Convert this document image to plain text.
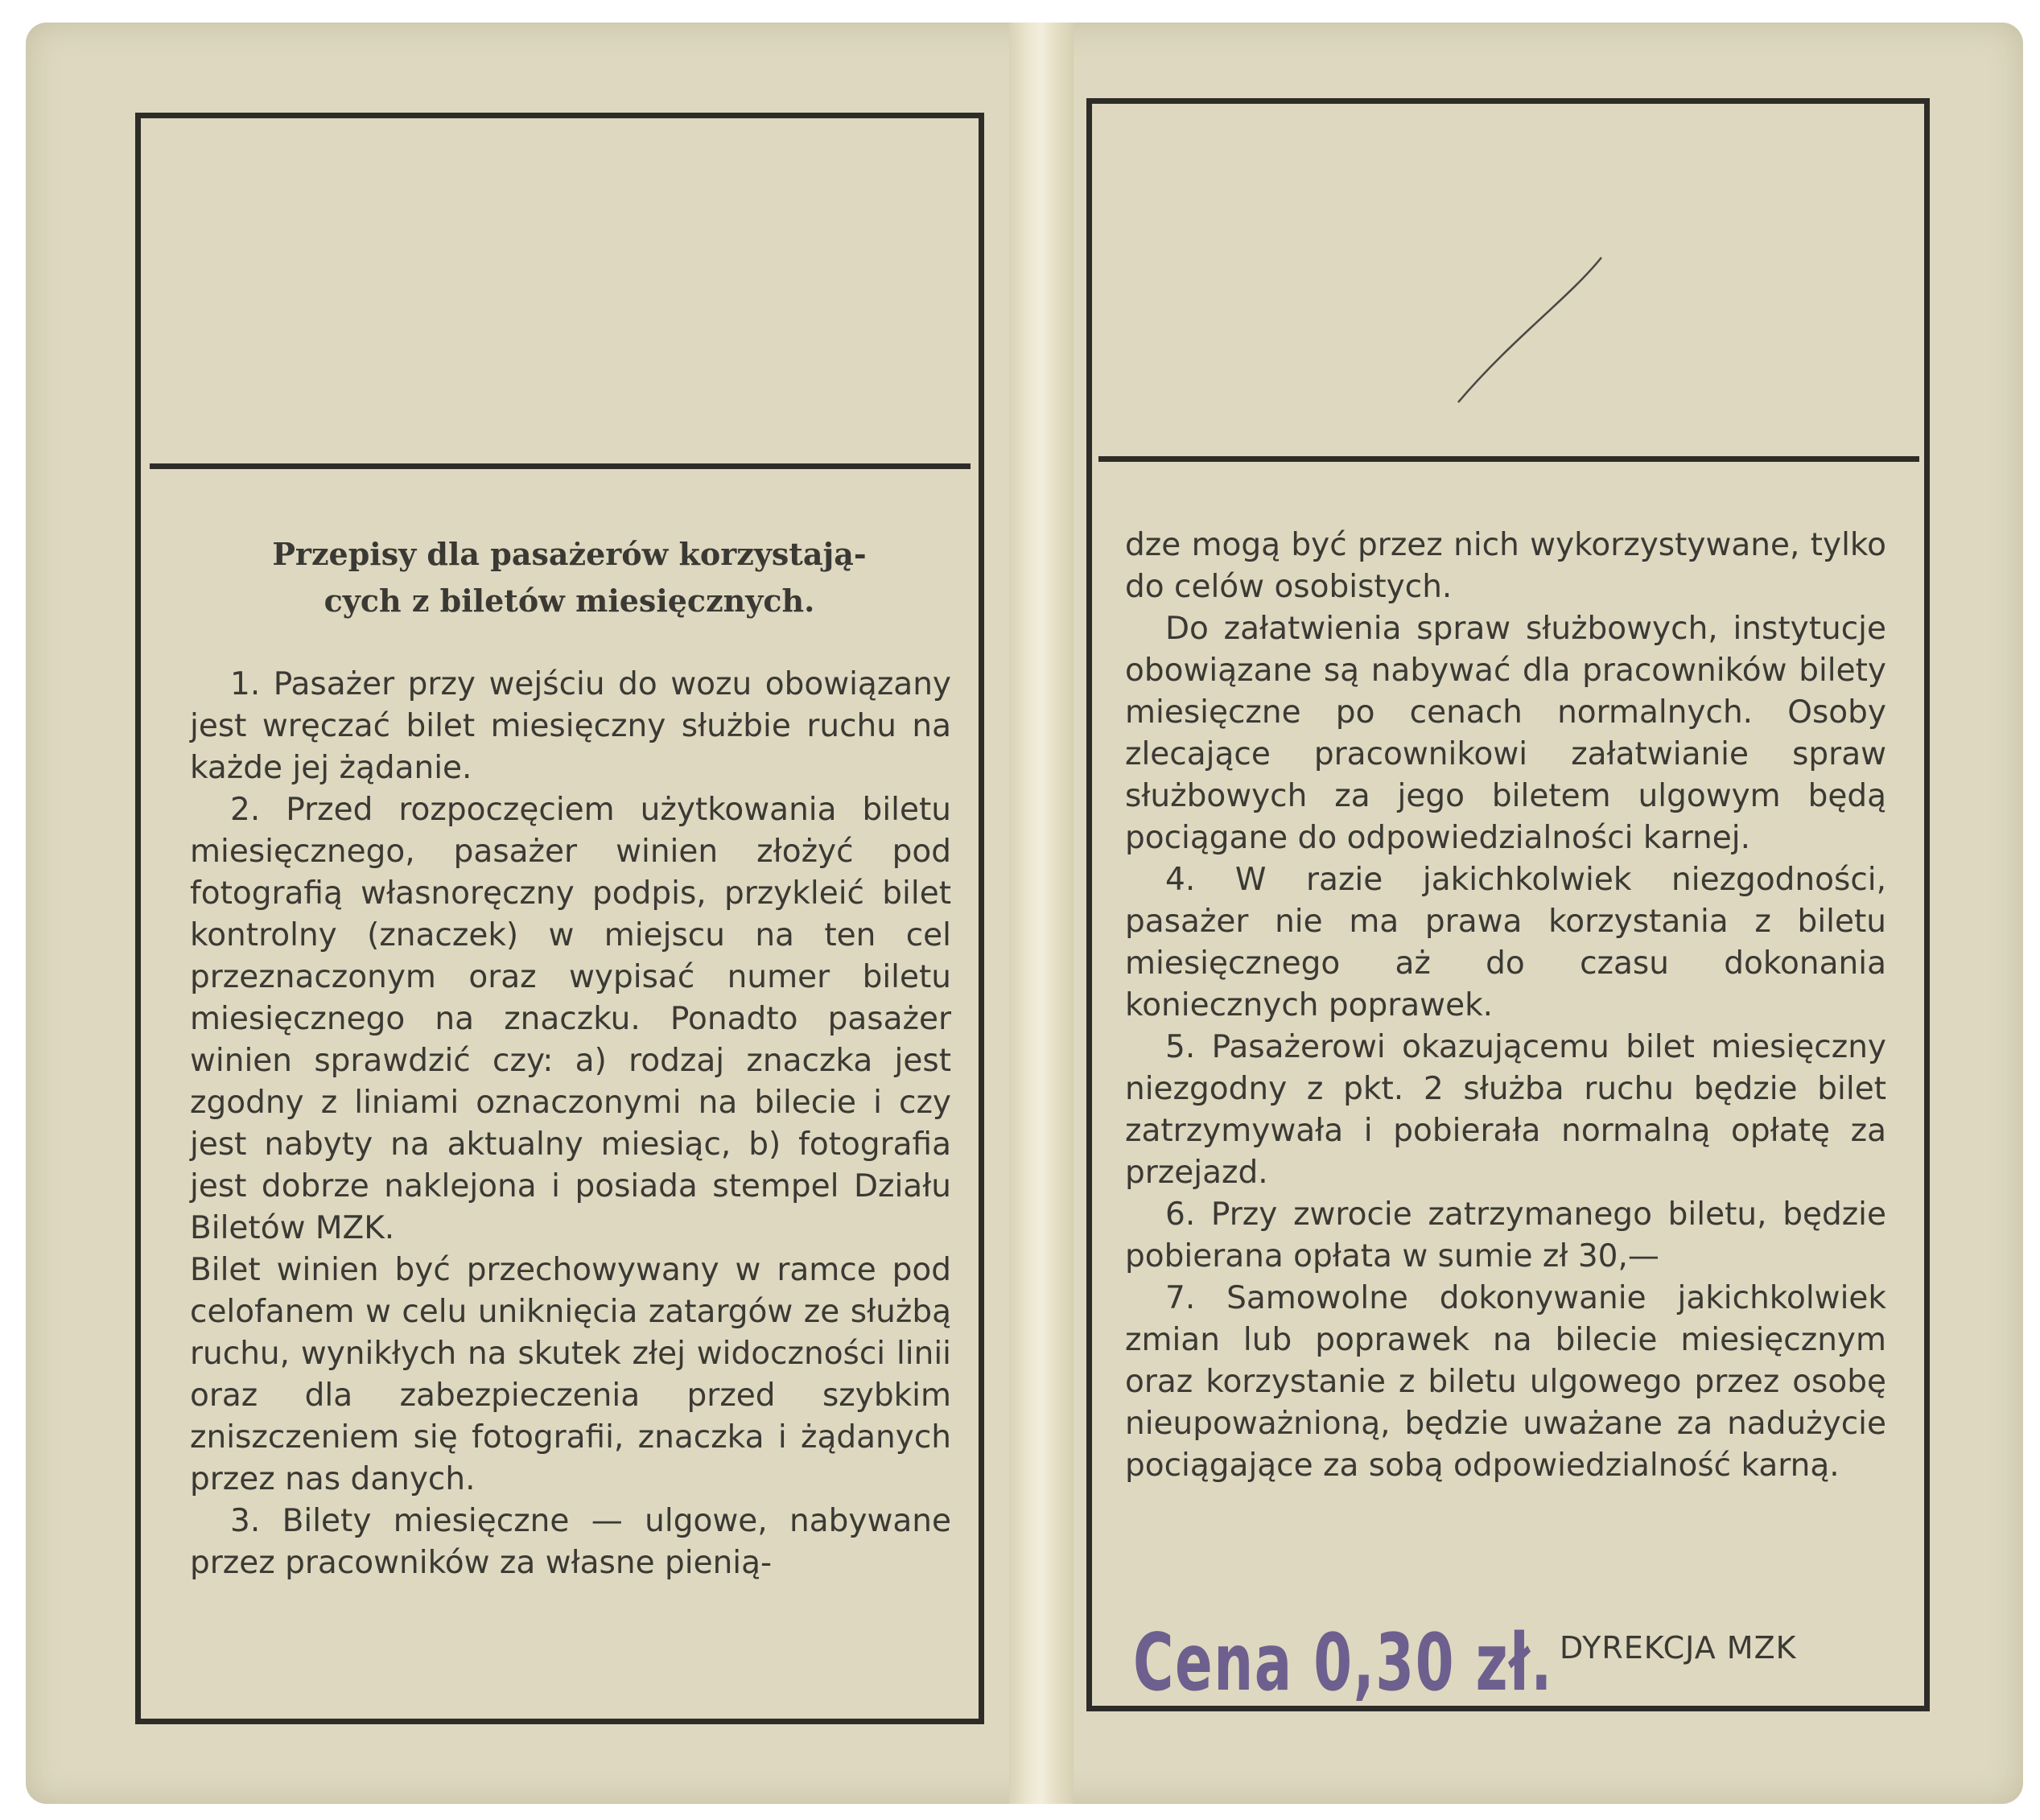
Przepisy dla pasażerów korzystają-
cych z biletów miesięcznych.

1. Pasażer przy wejściu do wozu obowiązany jest wręczać bilet miesięczny służbie ruchu na każde jej żądanie.

2. Przed rozpoczęciem użytkowania biletu miesięcznego, pasażer winien złożyć pod fotografią własnoręczny podpis, przykleić bilet kontrolny (znaczek) w miejscu na ten cel przeznaczonym oraz wypisać numer biletu miesięcznego na znaczku. Ponadto pasażer winien sprawdzić czy: a) rodzaj znaczka jest zgodny z liniami oznaczonymi na bilecie i czy jest nabyty na aktualny miesiąc, b) fotografia jest dobrze naklejona i posiada stempel Działu Biletów MZK.

Bilet winien być przechowywany w ramce pod celofanem w celu uniknięcia zatargów ze służbą ruchu, wynikłych na skutek złej widoczności linii oraz dla zabezpieczenia przed szybkim zniszczeniem się fotografii, znaczka i żądanych przez nas danych.

3. Bilety miesięczne — ulgowe, nabywane przez pracowników za własne pienią-

dze mogą być przez nich wykorzystywane, tylko do celów osobistych.

Do załatwienia spraw służbowych, instytucje obowiązane są nabywać dla pracowników bilety miesięczne po cenach normalnych. Osoby zlecające pracownikowi załatwianie spraw służbowych za jego biletem ulgowym będą pociągane do odpowiedzialności karnej.

4. W razie jakichkolwiek niezgodności, pasażer nie ma prawa korzystania z biletu miesięcznego aż do czasu dokonania koniecznych poprawek.

5. Pasażerowi okazującemu bilet miesięczny niezgodny z pkt. 2 służba ruchu będzie bilet zatrzymywała i pobierała normalną opłatę za przejazd.

6. Przy zwrocie zatrzymanego biletu, będzie pobierana opłata w sumie zł 30,—

7. Samowolne dokonywanie jakichkolwiek zmian lub poprawek na bilecie miesięcznym oraz korzystanie z biletu ulgowego przez osobę nieupoważnioną, będzie uważane za nadużycie pociągające za sobą odpowiedzialność karną.

Cena 0,30 zł. DYREKCJA MZK
